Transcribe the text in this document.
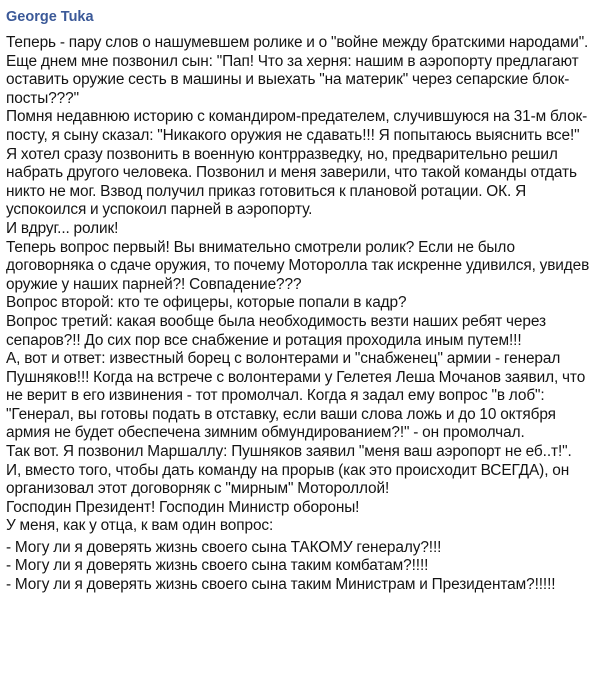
George Tuka

Теперь - пару слов о нашумевшем ролике и о "войне между братскими народами".

Еще днем мне позвонил сын: "Пап! Что за херня: нашим в аэропорту предлагают оставить оружие сесть в машины и выехать "на материк" через сепарские блок-посты???"

Помня недавнюю историю с командиром-предателем, случившуюся на 31-м блок-посту, я сыну сказал: "Никакого оружия не сдавать!!! Я попытаюсь выяснить все!"

Я хотел сразу позвонить в военную контрразведку, но, предварительно решил набрать другого человека. Позвонил и меня заверили, что такой команды отдать никто не мог. Взвод получил приказ готовиться к плановой ротации. ОК. Я успокоился и успокоил парней в аэропорту.

И вдруг... ролик!

Теперь вопрос первый! Вы внимательно смотрели ролик? Если не было договорняка о сдаче оружия, то почему Моторолла так искренне удивился, увидев оружие у наших парней?! Совпадение???

Вопрос второй: кто те офицеры, которые попали в кадр?

Вопрос третий: какая вообще была необходимость везти наших ребят через сепаров?!! До сих пор все снабжение и ротация проходила иным путем!!!

А, вот и ответ: известный борец с волонтерами и "снабженец" армии - генерал Пушняков!!! Когда на встрече с волонтерами у Гелетея Леша Мочанов заявил, что не верит в его извинения - тот промолчал. Когда я задал ему вопрос "в лоб": "Генерал, вы готовы подать в отставку, если ваши слова ложь и до 10 октября армия не будет обеспечена зимним обмундированием?!" - он промолчал.

Так вот. Я позвонил Маршаллу: Пушняков заявил "меня ваш аэропорт не еб..т!". И, вместо того, чтобы дать команду на прорыв (как это происходит ВСЕГДА), он организовал этот договорняк с "мирным" Мотороллой!

Господин Президент! Господин Министр обороны!

У меня, как у отца, к вам один вопрос:

- Могу ли я доверять жизнь своего сына ТАКОМУ генералу?!!!

- Могу ли я доверять жизнь своего сына таким комбатам?!!!!

- Могу ли я доверять жизнь своего сына таким Министрам и Президентам?!!!!!
